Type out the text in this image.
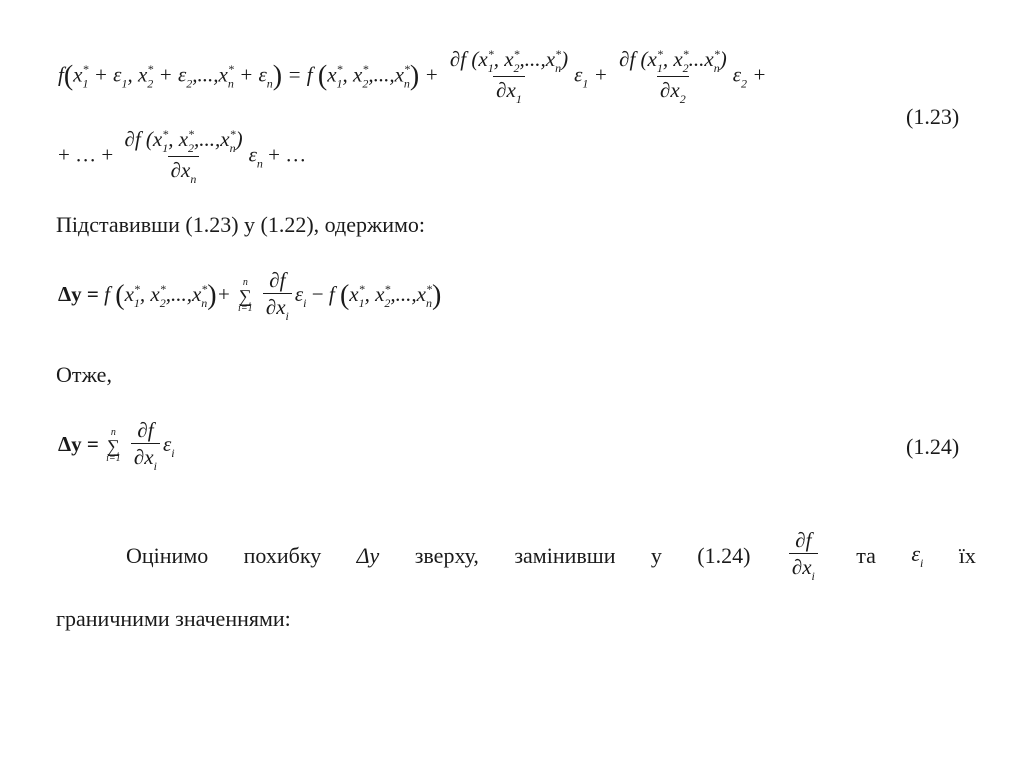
$f(x_1^* + \varepsilon_1$, $x_2^* + \varepsilon_2,...,x_n^* + \varepsilon_n) = f$ ($x_1^*$, $x_2^*,...,x_n^*) + \frac{\partial f (x_1^*, x_2^*,...,x_n^*)}{\partial x_1} \varepsilon_1 + \frac{\partial f (x_1^*, x_2^*...x_n^*)}{\partial x_2} \varepsilon_2$ +
(1.23)
+ … + $\frac{\partial f (x_1^*, x_2^*,...,x_n^*)}{\partial x_n} \varepsilon_n$ + …
Підставивши (1.23) у (1.22), одержимо:
Δy = f ($x_1^*$, $x_2^*,...,x_n^*)+ n$
∑
i=1
$\frac{\partial f}{\partial x_i} \varepsilon_i - f$ ($x_1^*$, $x_2^*,...,x_n^*$)
Отже,
Δy = n
∑
i=1
$\frac{\partial f}{\partial x_i} \varepsilon_i$	(1.24)
Оцінимо похибку Δy зверху, замінивши у $(1.24) \frac{\partial f}{\partial x_i}$ та $\varepsilon_i$ їх
граничними значеннями:
